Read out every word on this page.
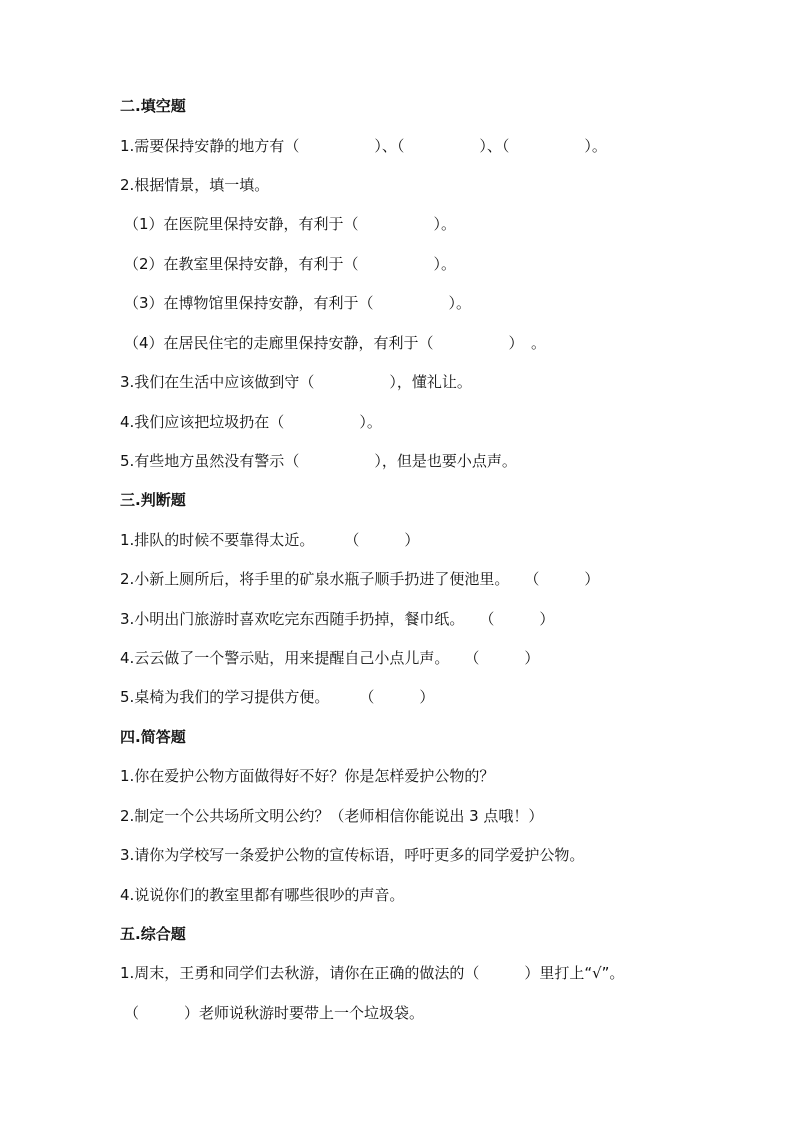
二.填空题

1.需要保持安静的地方有（　　　　　）、（　　　　　）、（　　　　　）。

2.根据情景，填一填。

（1）在医院里保持安静，有利于（　　　　　）。

（2）在教室里保持安静，有利于（　　　　　）。

（3）在博物馆里保持安静，有利于（　　　　　）。

（4）在居民住宅的走廊里保持安静，有利于（　　　　　）　。

3.我们在生活中应该做到守（　　　　　），懂礼让。

4.我们应该把垃圾扔在（　　　　　）。

5.有些地方虽然没有警示（　　　　　），但是也要小点声。

三.判断题

1.排队的时候不要靠得太近。　　　（　　　）

2.小新上厕所后，将手里的矿泉水瓶子顺手扔进了便池里。　　（　　　）

3.小明出门旅游时喜欢吃完东西随手扔掉，餐巾纸。　　（　　　）

4.云云做了一个警示贴，用来提醒自己小点儿声。　　（　　　）

5.桌椅为我们的学习提供方便。　　　（　　　）

四.简答题

1.你在爱护公物方面做得好不好？你是怎样爱护公物的？

2.制定一个公共场所文明公约？（老师相信你能说出 3 点哦！）

3.请你为学校写一条爱护公物的宣传标语，呼吁更多的同学爱护公物。

4.说说你们的教室里都有哪些很吵的声音。

五.综合题

1.周末，王勇和同学们去秋游，请你在正确的做法的（　　　）里打上“√”。

（　　　）老师说秋游时要带上一个垃圾袋。
